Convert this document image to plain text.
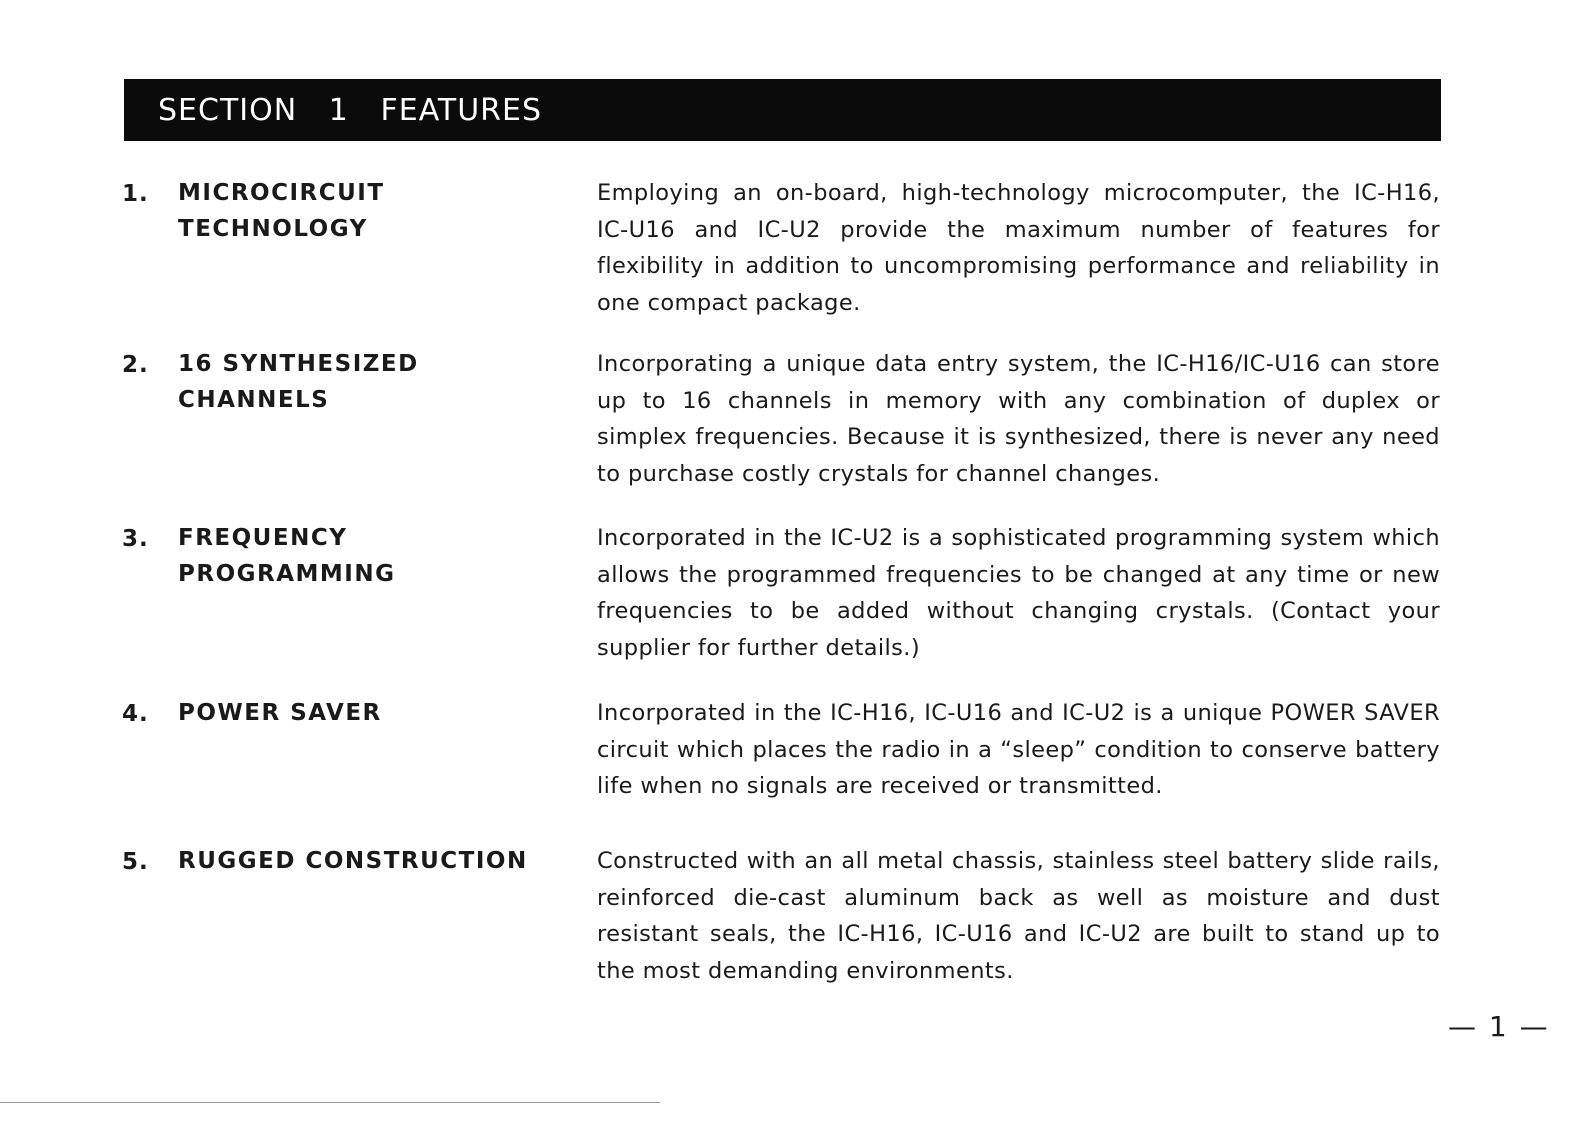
SECTION   1   FEATURES
1. MICROCIRCUIT
TECHNOLOGY
Employing an on-board, high-technology microcomputer, the IC-H16, IC-U16 and IC-U2 provide the maximum number of features for flexibility in addition to uncompromising performance and reliability in one compact package.
2. 16 SYNTHESIZED
CHANNELS
Incorporating a unique data entry system, the IC-H16/IC-U16 can store up to 16 channels in memory with any combination of duplex or simplex frequencies. Because it is synthesized, there is never any need to purchase costly crystals for channel changes.
3. FREQUENCY
PROGRAMMING
Incorporated in the IC-U2 is a sophisticated programming system which allows the programmed frequencies to be changed at any time or new frequencies to be added without changing crystals. (Contact your supplier for further details.)
4. POWER SAVER	Incorporated in the IC-H16, IC-U16 and IC-U2 is a unique POWER SAVER circuit which places the radio in a “sleep” condition to conserve battery life when no signals are received or transmitted.
5. RUGGED CONSTRUCTION	Constructed with an all metal chassis, stainless steel battery slide rails, reinforced die-cast aluminum back as well as moisture and dust resistant seals, the IC-H16, IC-U16 and IC-U2 are built to stand up to the most demanding environments.
— 1 —
